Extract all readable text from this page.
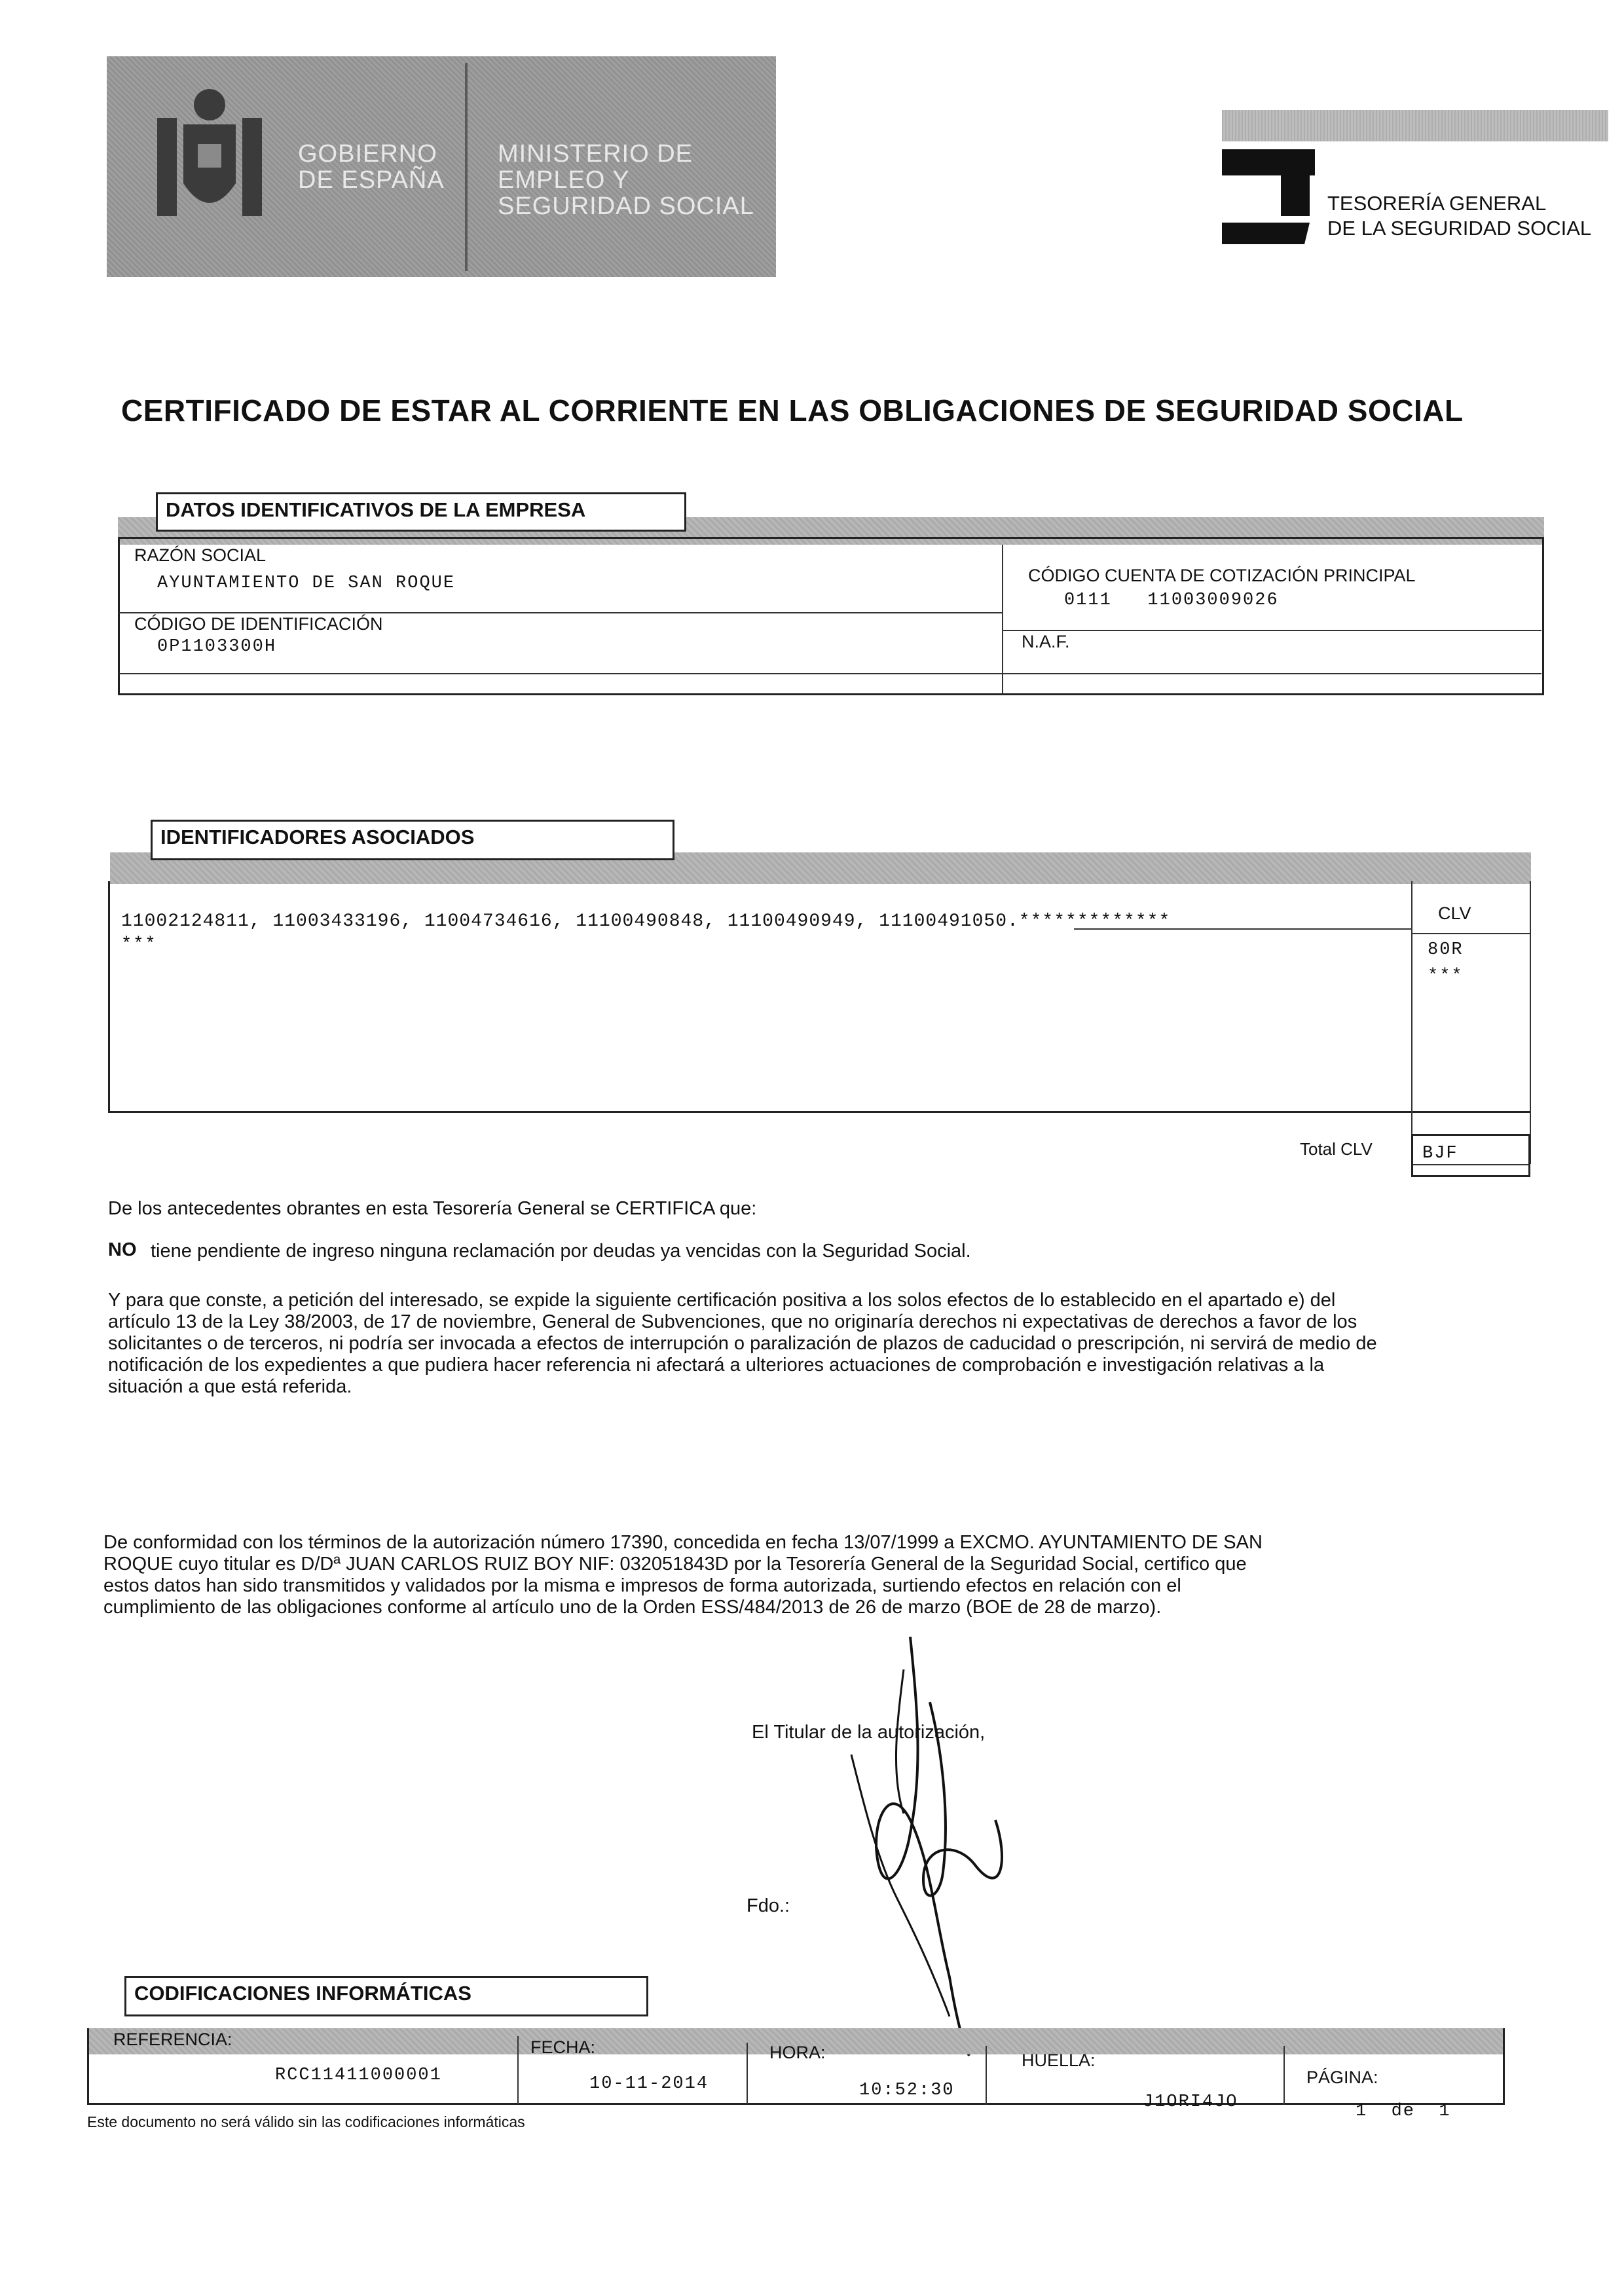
GOBIERNO DE ESPAÑA
MINISTERIO DE EMPLEO Y SEGURIDAD SOCIAL	TESORERÍA GENERAL
DE LA SEGURIDAD SOCIAL
CERTIFICADO DE ESTAR AL CORRIENTE EN LAS OBLIGACIONES DE SEGURIDAD SOCIAL
DATOS IDENTIFICATIVOS DE LA EMPRESA
RAZÓN SOCIAL
AYUNTAMIENTO DE SAN ROQUE	CÓDIGO CUENTA DE COTIZACIÓN PRINCIPAL
0111   11003009026
CÓDIGO DE IDENTIFICACIÓN
0P1103300H	N.A.F.
IDENTIFICADORES ASOCIADOS
11002124811, 11003433196, 11004734616, 11100490848, 11100490949, 11100491050.*************
***
CLV
80R
***
Total CLV	BJF
De los antecedentes obrantes en esta Tesorería General se CERTIFICA que:
NO tiene pendiente de ingreso ninguna reclamación por deudas ya vencidas con la Seguridad Social.
Y para que conste, a petición del interesado, se expide la siguiente certificación positiva a los solos efectos de lo establecido en el apartado e) del
artículo 13 de la Ley 38/2003, de 17 de noviembre, General de Subvenciones, que no originaría derechos ni expectativas de derechos a favor de los
solicitantes o de terceros, ni podría ser invocada a efectos de interrupción o paralización de plazos de caducidad o prescripción, ni servirá de medio de
notificación de los expedientes a que pudiera hacer referencia ni afectará a ulteriores actuaciones de comprobación e investigación relativas a la
situación a que está referida.
De conformidad con los términos de la autorización número 17390, concedida en fecha 13/07/1999 a EXCMO. AYUNTAMIENTO DE SAN
ROQUE cuyo titular es D/Dª JUAN CARLOS RUIZ BOY NIF: 032051843D por la Tesorería General de la Seguridad Social, certifico que
estos datos han sido transmitidos y validados por la misma e impresos de forma autorizada, surtiendo efectos en relación con el
cumplimiento de las obligaciones conforme al artículo uno de la Orden ESS/484/2013 de 26 de marzo (BOE de 28 de marzo).
El Titular de la autorización,
Fdo.:
CODIFICACIONES INFORMÁTICAS
REFERENCIA:
RCC11411000001
FECHA:
10-11-2014
HORA:
10:52:30
HUELLA:
J1ORI4JO
PÁGINA:
1  de  1
Este documento no será válido sin las codificaciones informáticas
